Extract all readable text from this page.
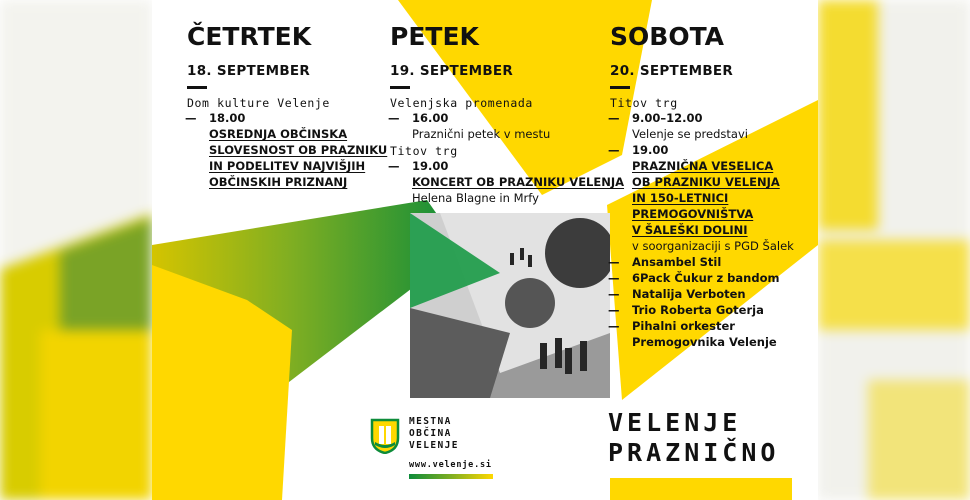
ČETRTEK
18. SEPTEMBER
Dom kulture Velenje
— 18.00
OSREDNJA OBČINSKA
SLOVESNOST OB PRAZNIKU
IN PODELITEV NAJVIŠJIH
OBČINSKIH PRIZNANJ
PETEK
19. SEPTEMBER
Velenjska promenada
— 16.00
Praznični petek v mestu
Titov trg
— 19.00
KONCERT OB PRAZNIKU VELENJA
Helena Blagne in Mrfy
SOBOTA
20. SEPTEMBER
Titov trg
— 9.00–12.00
Velenje se predstavi
— 19.00
PRAZNIČNA VESELICA
OB PRAZNIKU VELENJA
IN 150-LETNICI
PREMOGOVNIŠTVA
V ŠALEŠKI DOLINI
v soorganizaciji s PGD Šalek
— Ansambel Stil
— 6Pack Čukur z bandom
— Natalija Verboten
— Trio Roberta Goterja
— Pihalni orkester
Premogovnika Velenje
MESTNA
OBČINA
VELENJE
www.velenje.si
VELENJE
PRAZNIČNO
